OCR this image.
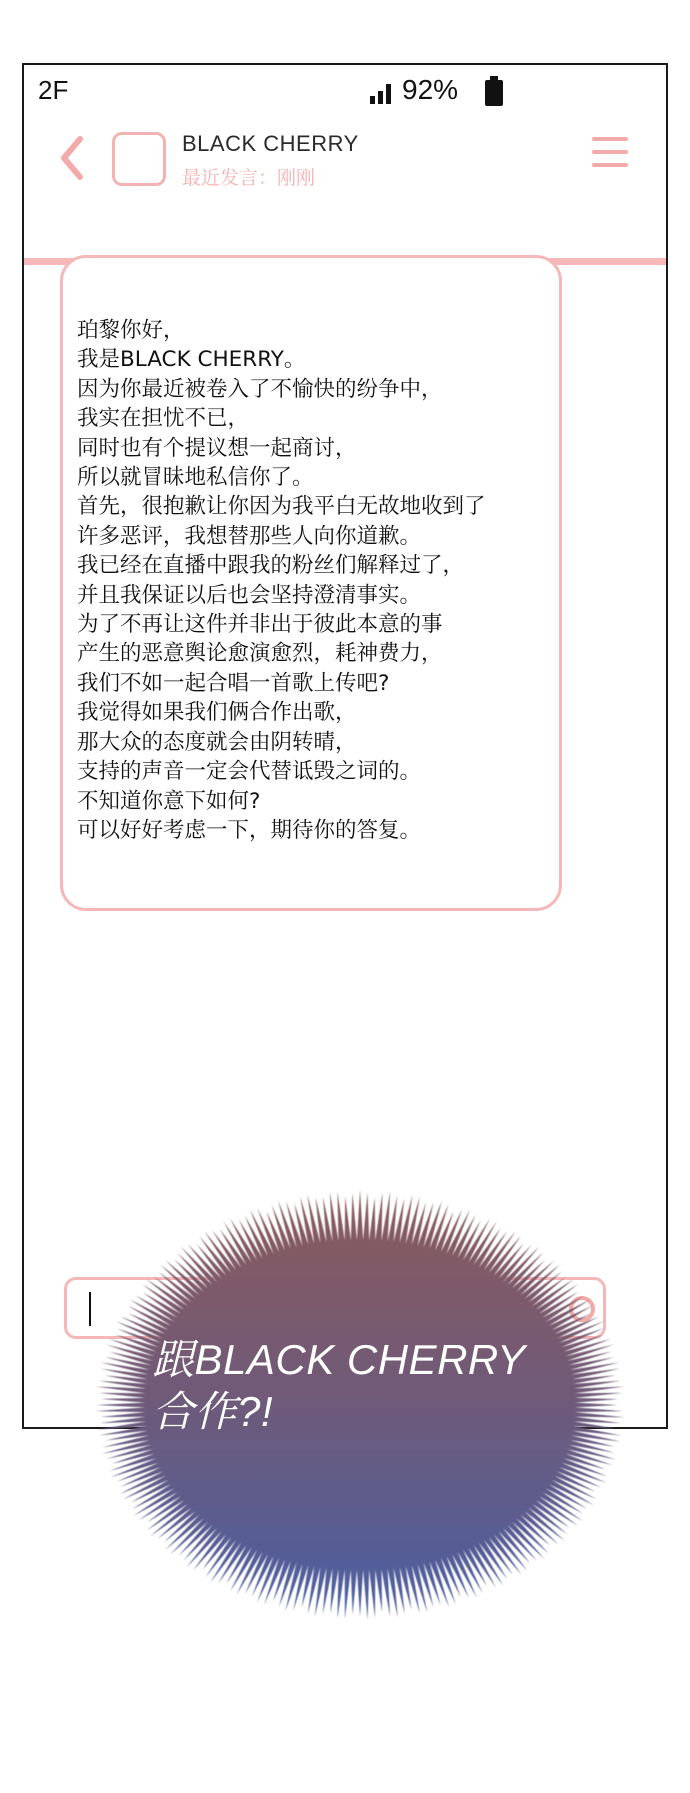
2F	92%
BLACK CHERRY
最近发言：刚刚
珀黎你好，
我是BLACK CHERRY。
因为你最近被卷入了不愉快的纷争中，
我实在担忧不已，
同时也有个提议想一起商讨，
所以就冒昧地私信你了。
首先，很抱歉让你因为我平白无故地收到了
许多恶评，我想替那些人向你道歉。
我已经在直播中跟我的粉丝们解释过了，
并且我保证以后也会坚持澄清事实。
为了不再让这件并非出于彼此本意的事
产生的恶意舆论愈演愈烈，耗神费力，
我们不如一起合唱一首歌上传吧?
我觉得如果我们俩合作出歌，
那大众的态度就会由阴转晴，
支持的声音一定会代替诋毁之词的。
不知道你意下如何?
可以好好考虑一下，期待你的答复。
跟BLACK CHERRY
合作?!
